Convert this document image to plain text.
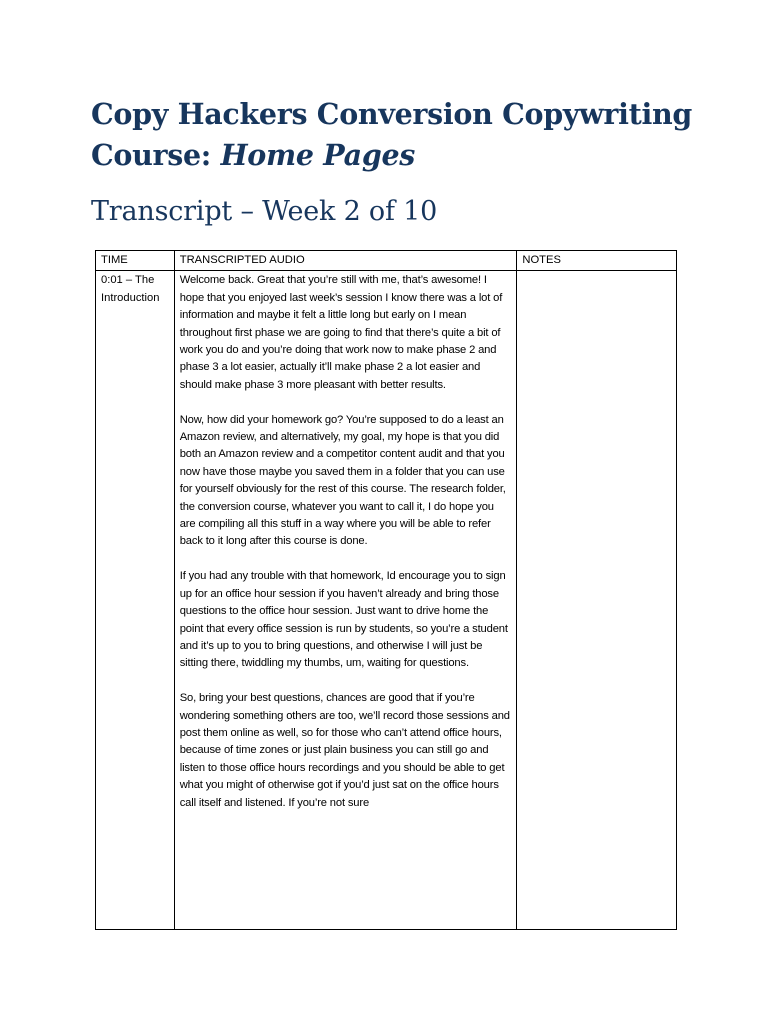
Copy Hackers Conversion Copywriting Course: Home Pages
Transcript – Week 2 of 10
TIME	TRANSCRIPTED AUDIO	NOTES
0:01 – The Introduction	Welcome back. Great that you’re still with me, that’s awesome! I hope that you enjoyed last week’s session I know there was a lot of information and maybe it felt a little long but early on I mean throughout first phase we are going to find that there’s quite a bit of work you do and you’re doing that work now to make phase 2 and phase 3 a lot easier, actually it’ll make phase 2 a lot easier and should make phase 3 more pleasant with better results.

Now, how did your homework go? You’re supposed to do a least an Amazon review, and alternatively, my goal, my hope is that you did both an Amazon review and a competitor content audit and that you now have those maybe you saved them in a folder that you can use for yourself obviously for the rest of this course. The research folder, the conversion course, whatever you want to call it, I do hope you are compiling all this stuff in a way where you will be able to refer back to it long after this course is done.

If you had any trouble with that homework, Id encourage you to sign up for an office hour session if you haven’t already and bring those questions to the office hour session. Just want to drive home the point that every office session is run by students, so you’re a student and it’s up to you to bring questions, and otherwise I will just be sitting there, twiddling my thumbs, um, waiting for questions.

So, bring your best questions, chances are good that if you’re wondering something others are too, we’ll record those sessions and post them online as well, so for those who can’t attend office hours, because of time zones or just plain business you can still go and listen to those office hours recordings and you should be able to get what you might of otherwise got if you’d just sat on the office hours call itself and listened. If you’re not sure	
